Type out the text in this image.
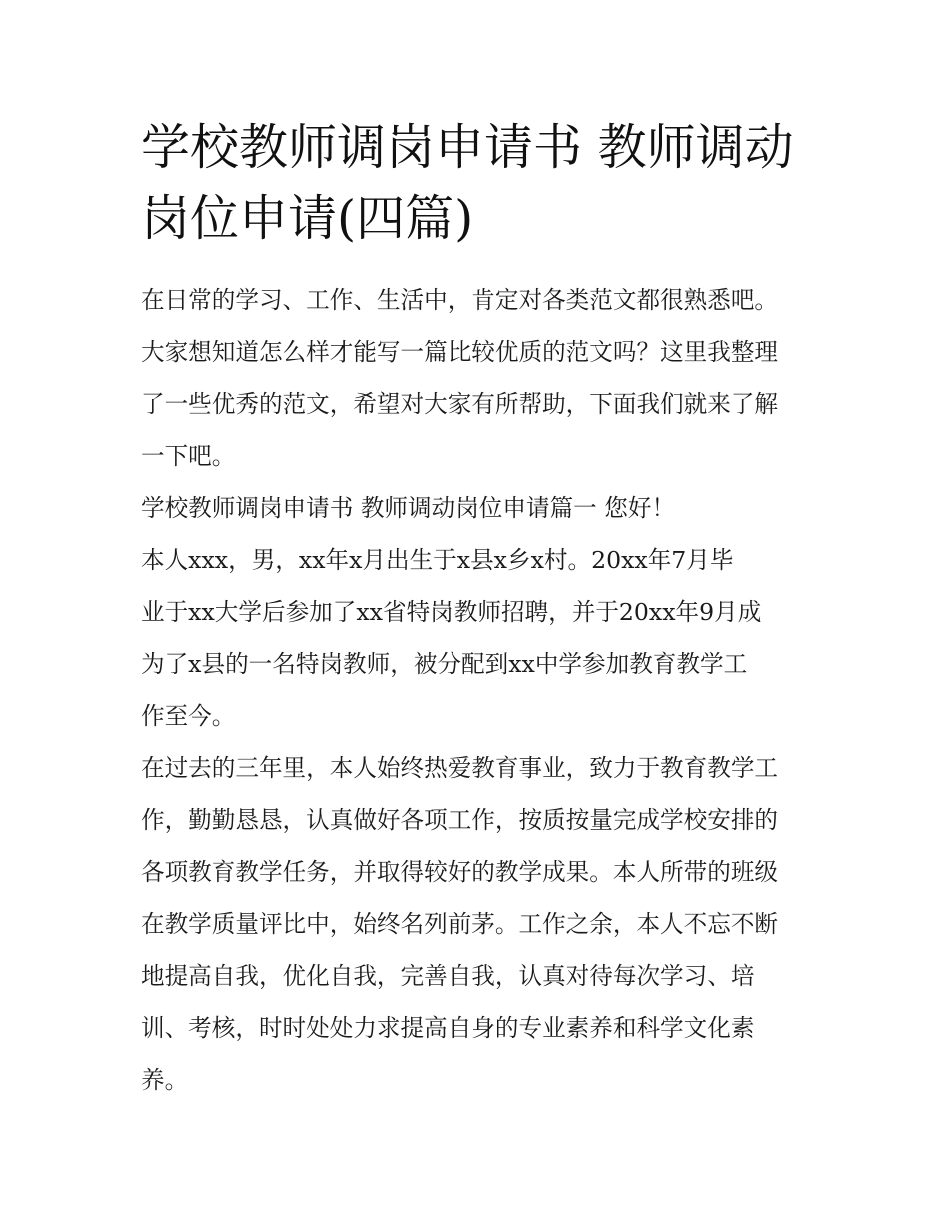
学校教师调岗申请书 教师调动
岗位申请(四篇)
在日常的学习、工作、生活中，肯定对各类范文都很熟悉吧。
大家想知道怎么样才能写一篇比较优质的范文吗？这里我整理
了一些优秀的范文，希望对大家有所帮助，下面我们就来了解
一下吧。
学校教师调岗申请书 教师调动岗位申请篇一 您好！
本人xxx，男，xx年x月出生于x县x乡x村。20xx年7月毕
业于xx大学后参加了xx省特岗教师招聘，并于20xx年9月成
为了x县的一名特岗教师，被分配到xx中学参加教育教学工
作至今。
在过去的三年里，本人始终热爱教育事业，致力于教育教学工
作，勤勤恳恳，认真做好各项工作，按质按量完成学校安排的
各项教育教学任务，并取得较好的教学成果。本人所带的班级
在教学质量评比中，始终名列前茅。工作之余，本人不忘不断
地提高自我，优化自我，完善自我，认真对待每次学习、培
训、考核，时时处处力求提高自身的专业素养和科学文化素
养。
